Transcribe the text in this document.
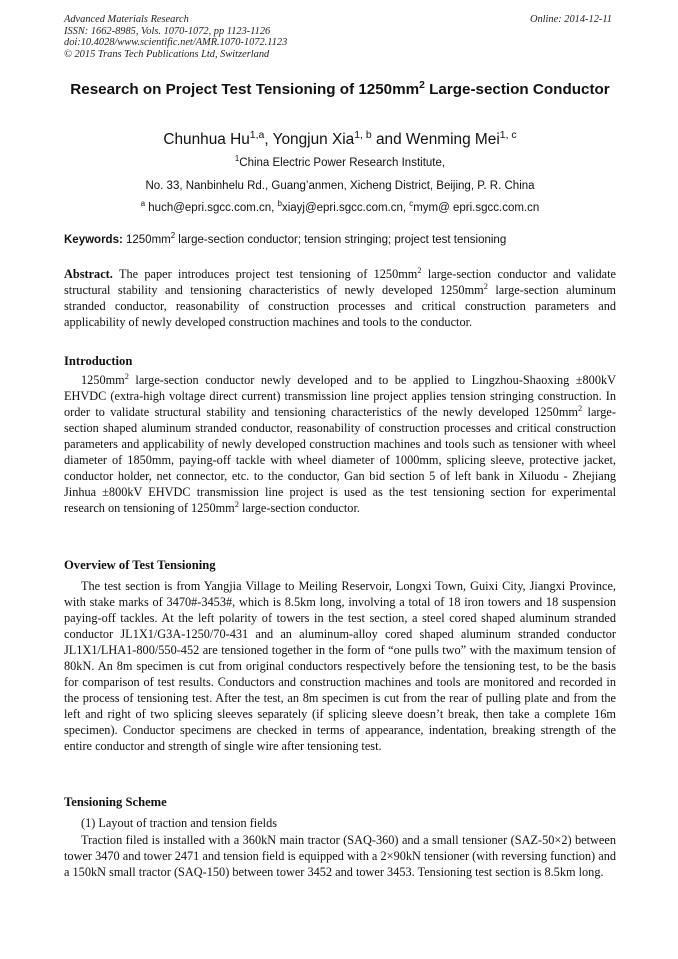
Advanced Materials Research
ISSN: 1662-8985, Vols. 1070-1072, pp 1123-1126
doi:10.4028/www.scientific.net/AMR.1070-1072.1123
© 2015 Trans Tech Publications Ltd, Switzerland
Online: 2014-12-11
Research on Project Test Tensioning of $1250mm^2$ Large-section Conductor
Chunhua Hu$^{1,a}$, Yongjun Xia$^{1, b}$ and Wenming Mei$^{1, c}$
$^1$China Electric Power Research Institute,
No. 33, Nanbinhelu Rd., Guang’anmen, Xicheng District, Beijing, P. R. China
$^a$ huch@epri.sgcc.com.cn, $^b$xiayj@epri.sgcc.com.cn, $^c$mym@ epri.sgcc.com.cn
Keywords: $1250mm^2$ large-section conductor; tension stringing; project test tensioning
Abstract. The paper introduces project test tensioning of $1250mm^2$ large-section conductor and validate structural stability and tensioning characteristics of newly developed $1250mm^2$ large-section aluminum stranded conductor, reasonability of construction processes and critical construction parameters and applicability of newly developed construction machines and tools to the conductor.
Introduction
$1250mm^2$ large-section conductor newly developed and to be applied to Lingzhou-Shaoxing ±800kV EHVDC (extra-high voltage direct current) transmission line project applies tension stringing construction. In order to validate structural stability and tensioning characteristics of the newly developed $1250mm^2$ large-section shaped aluminum stranded conductor, reasonability of construction processes and critical construction parameters and applicability of newly developed construction machines and tools such as tensioner with wheel diameter of 1850mm, paying-off tackle with wheel diameter of 1000mm, splicing sleeve, protective jacket, conductor holder, net connector, etc. to the conductor, Gan bid section 5 of left bank in Xiluodu - Zhejiang Jinhua ±800kV EHVDC transmission line project is used as the test tensioning section for experimental research on tensioning of $1250mm^2$ large-section conductor.
Overview of Test Tensioning
The test section is from Yangjia Village to Meiling Reservoir, Longxi Town, Guixi City, Jiangxi Province, with stake marks of 3470#-3453#, which is 8.5km long, involving a total of 18 iron towers and 18 suspension paying-off tackles. At the left polarity of towers in the test section, a steel cored shaped aluminum stranded conductor JL1X1/G3A-1250/70-431 and an aluminum-alloy cored shaped aluminum stranded conductor JL1X1/LHA1-800/550-452 are tensioned together in the form of “one pulls two” with the maximum tension of 80kN. An 8m specimen is cut from original conductors respectively before the tensioning test, to be the basis for comparison of test results. Conductors and construction machines and tools are monitored and recorded in the process of tensioning test. After the test, an 8m specimen is cut from the rear of pulling plate and from the left and right of two splicing sleeves separately (if splicing sleeve doesn’t break, then take a complete 16m specimen). Conductor specimens are checked in terms of appearance, indentation, breaking strength of the entire conductor and strength of single wire after tensioning test.
Tensioning Scheme
(1) Layout of traction and tension fields
Traction filed is installed with a 360kN main tractor (SAQ-360) and a small tensioner (SAZ-50×2) between tower 3470 and tower 2471 and tension field is equipped with a 2×90kN tensioner (with reversing function) and a 150kN small tractor (SAQ-150) between tower 3452 and tower 3453. Tensioning test section is 8.5km long.
